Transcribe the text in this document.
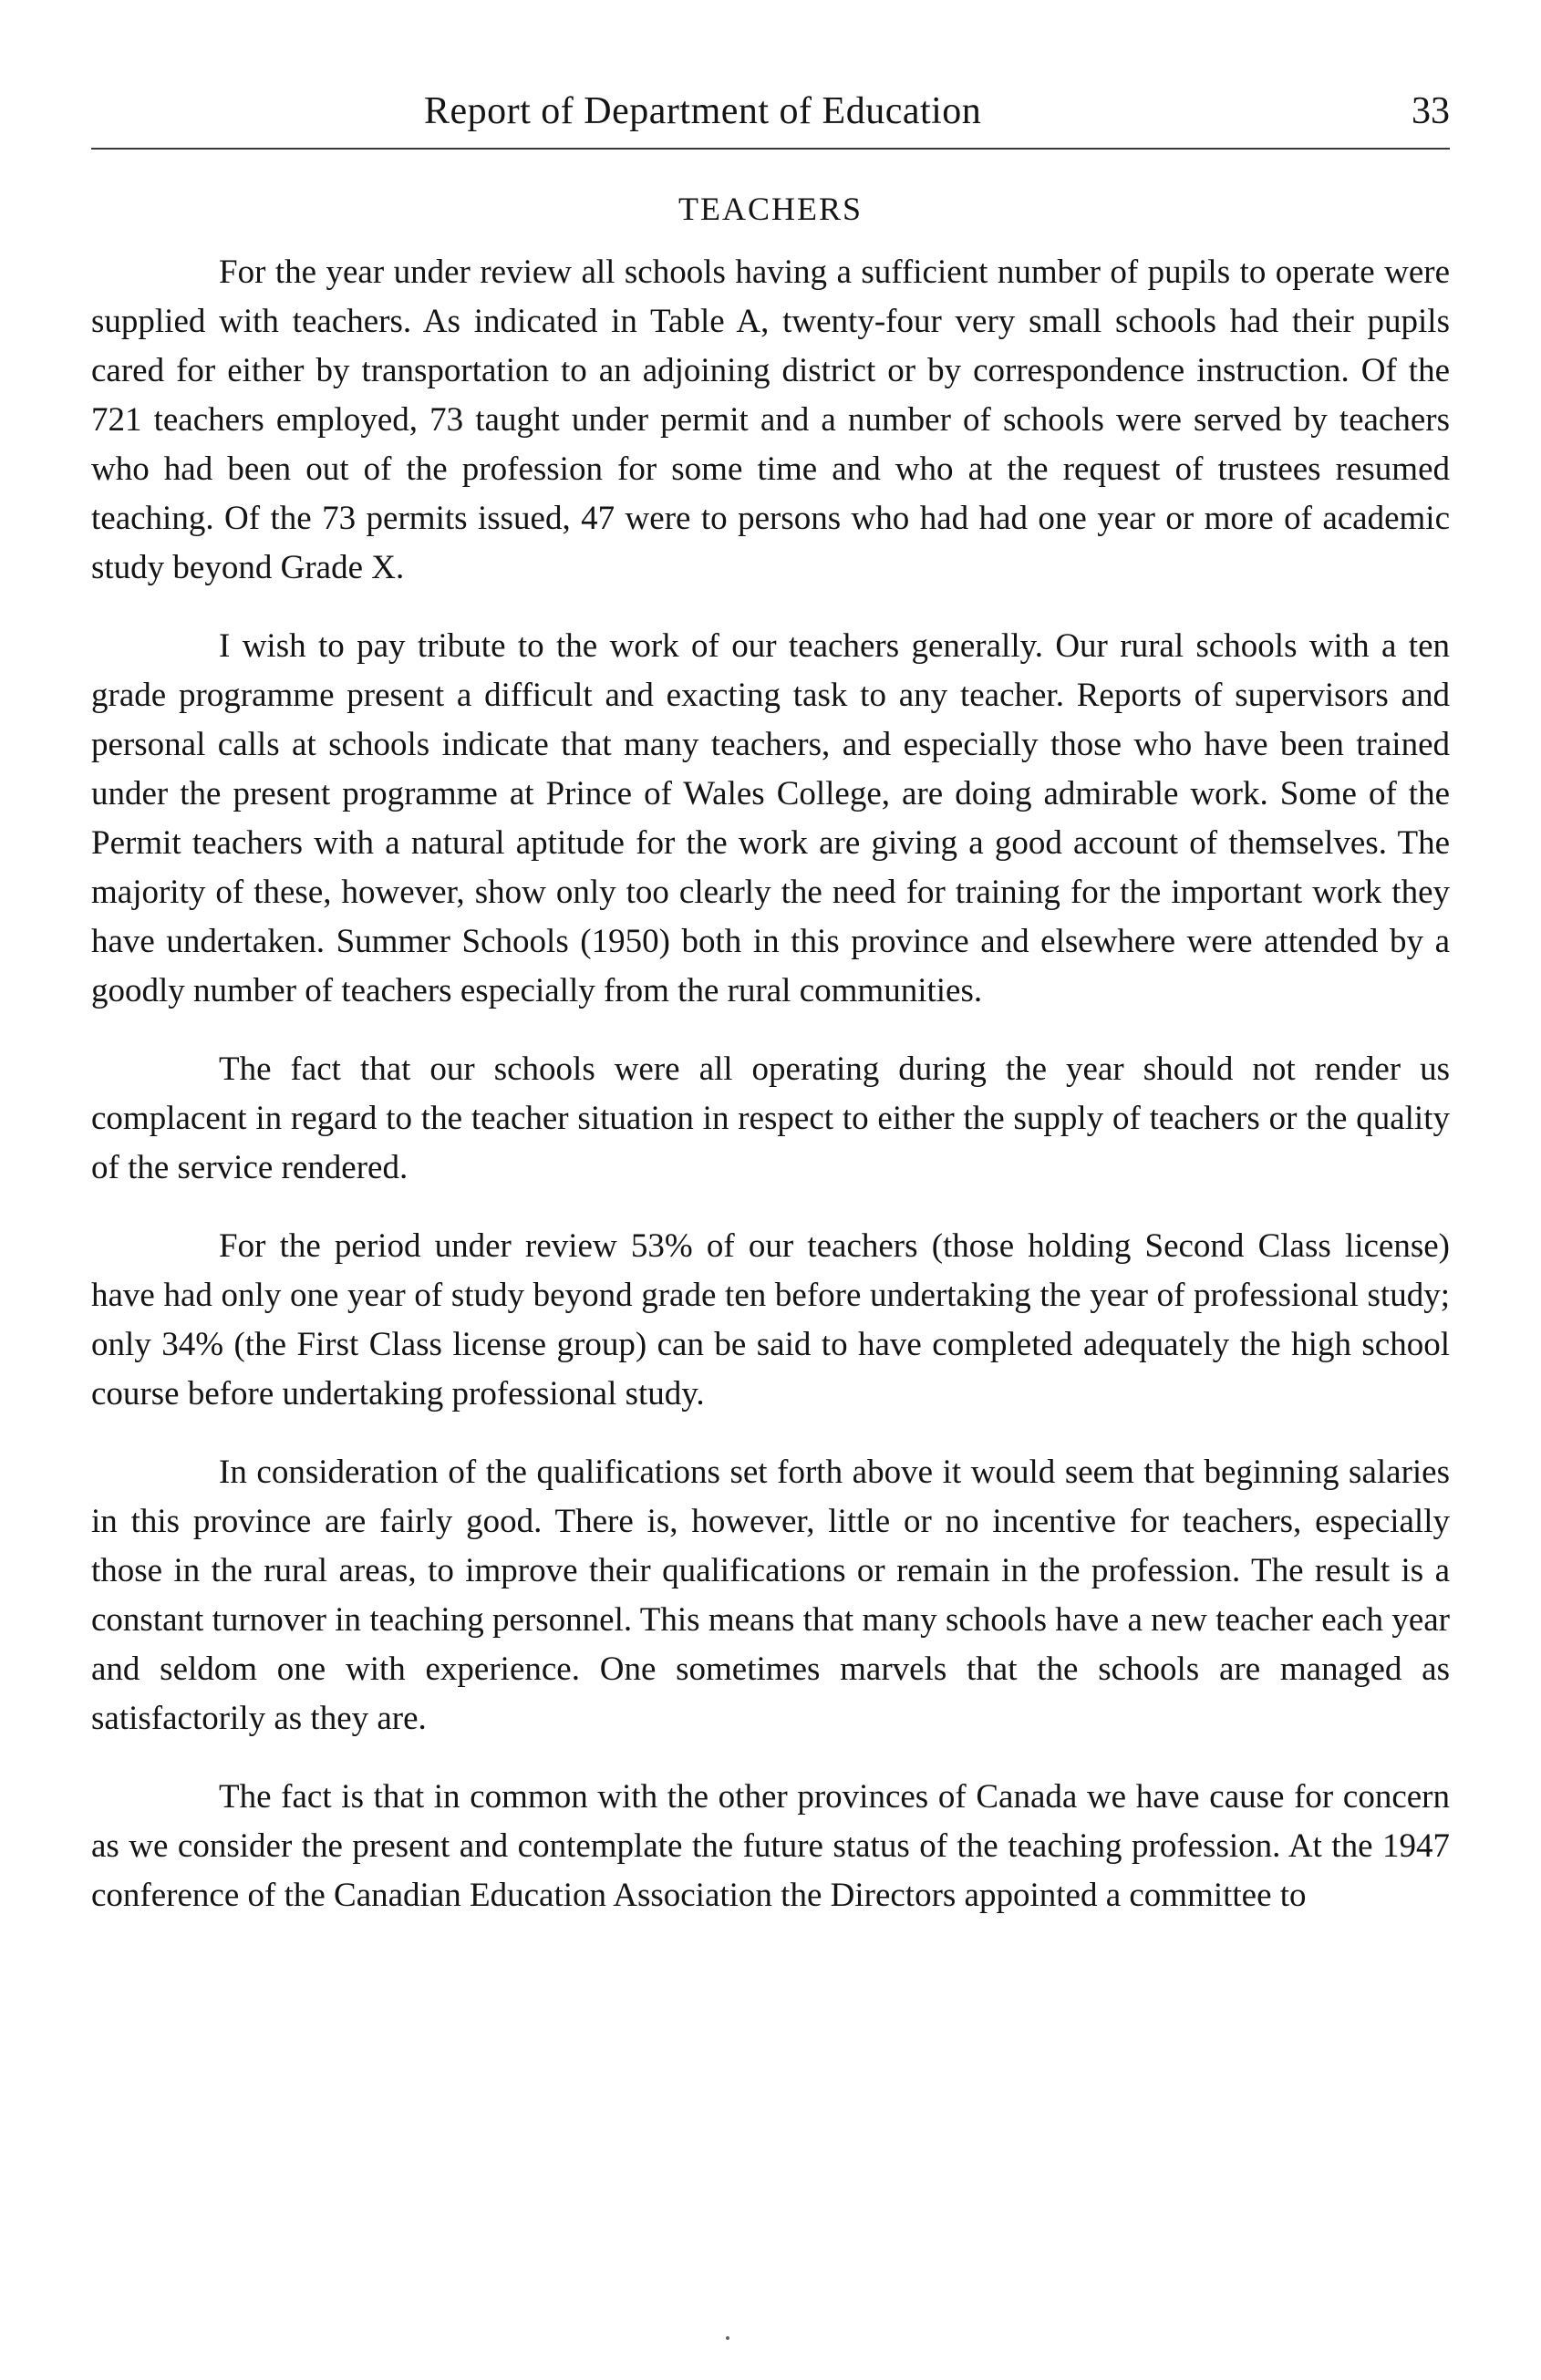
Report of Department of Education	33
TEACHERS

For the year under review all schools having a sufficient number of pupils to operate were supplied with teachers. As indicated in Table A, twenty-four very small schools had their pupils cared for either by transportation to an adjoining district or by correspondence instruction. Of the 721 teachers employed, 73 taught under permit and a number of schools were served by teachers who had been out of the profession for some time and who at the request of trustees resumed teaching. Of the 73 permits issued, 47 were to persons who had had one year or more of academic study beyond Grade X.

I wish to pay tribute to the work of our teachers generally. Our rural schools with a ten grade programme present a difficult and exacting task to any teacher. Reports of supervisors and personal calls at schools indicate that many teachers, and especially those who have been trained under the present programme at Prince of Wales College, are doing admirable work. Some of the Permit teachers with a natural aptitude for the work are giving a good account of themselves. The majority of these, however, show only too clearly the need for training for the important work they have undertaken. Summer Schools (1950) both in this province and elsewhere were attended by a goodly number of teachers especially from the rural communities.

The fact that our schools were all operating during the year should not render us complacent in regard to the teacher situation in respect to either the supply of teachers or the quality of the service rendered.

For the period under review 53% of our teachers (those holding Second Class license) have had only one year of study beyond grade ten before undertaking the year of professional study; only 34% (the First Class license group) can be said to have completed adequately the high school course before undertaking professional study.

In consideration of the qualifications set forth above it would seem that beginning salaries in this province are fairly good. There is, however, little or no incentive for teachers, especially those in the rural areas, to improve their qualifications or remain in the profession. The result is a constant turnover in teaching personnel. This means that many schools have a new teacher each year and seldom one with experience. One sometimes marvels that the schools are managed as satisfactorily as they are.

The fact is that in common with the other provinces of Canada we have cause for concern as we consider the present and contemplate the future status of the teaching profession. At the 1947 conference of the Canadian Education Association the Directors appointed a committee to
